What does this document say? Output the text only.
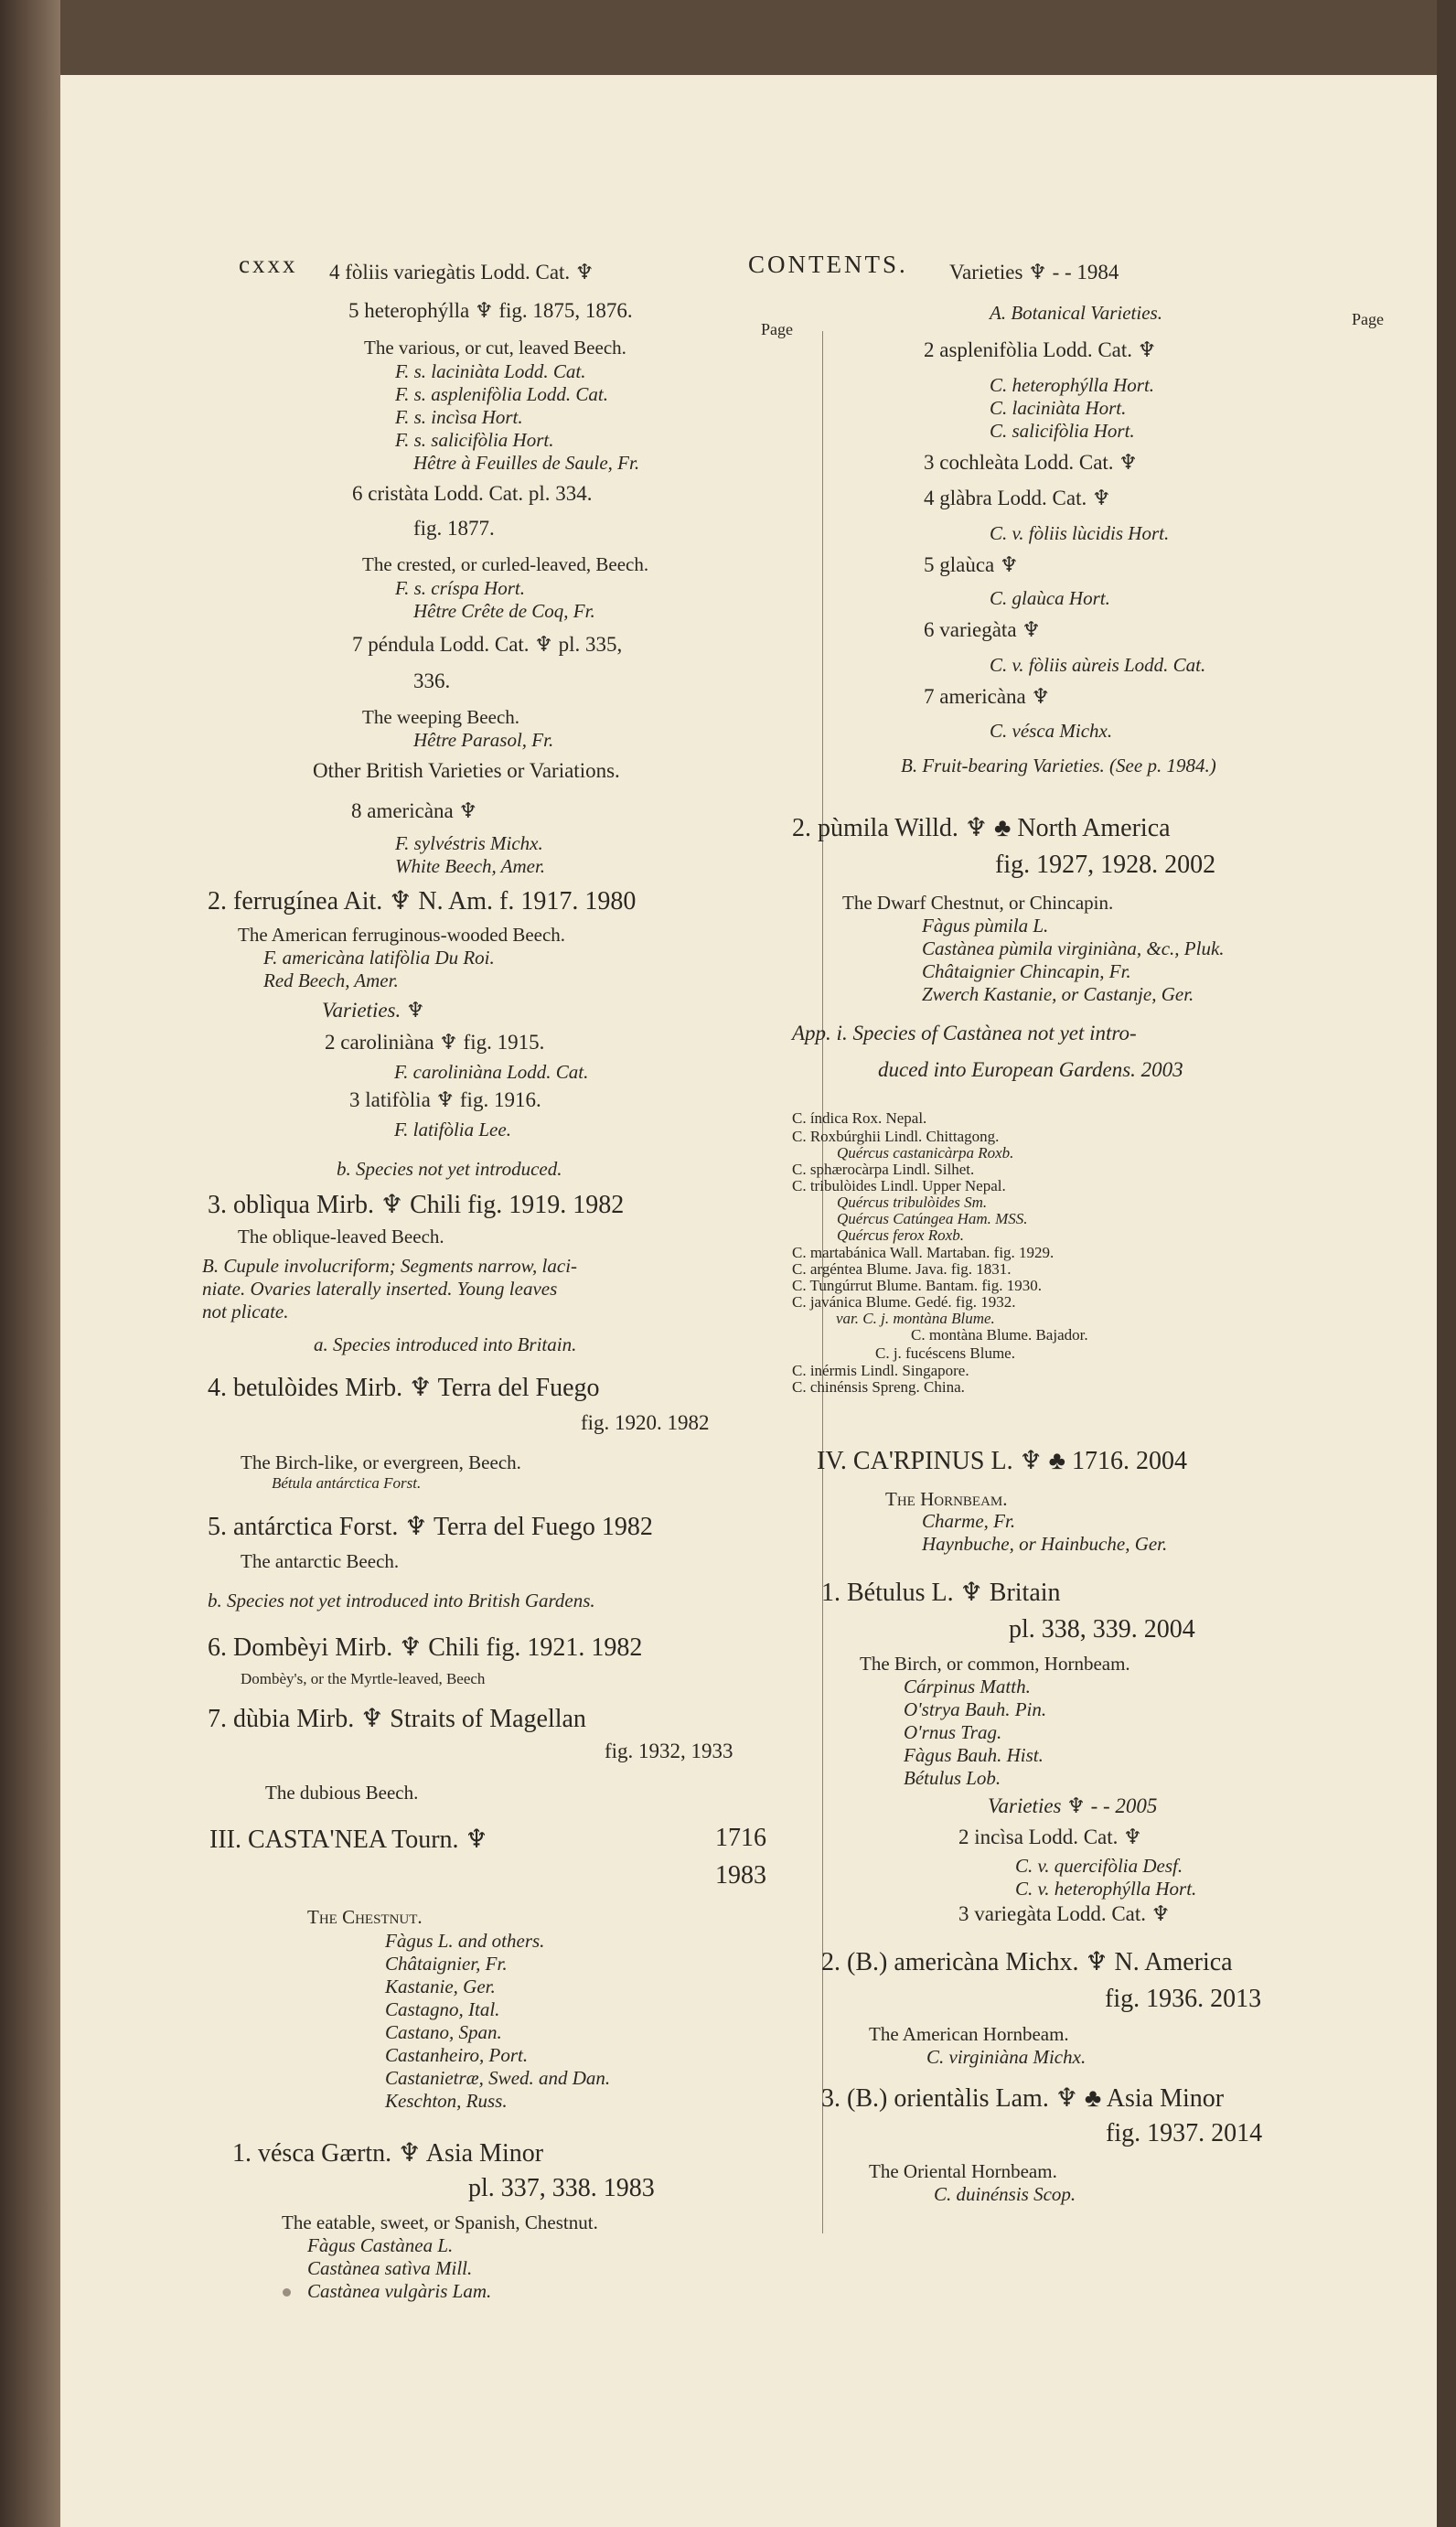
cxxx	CONTENTS.
4 fòliis variegàtis Lodd. Cat. ♆
5 heterophýlla ♆ fig. 1875, 1876.
The various, or cut, leaved Beech.
F. s. laciniàta Lodd. Cat.
F. s. asplenifòlia Lodd. Cat.
F. s. incìsa Hort.
F. s. salicifòlia Hort.
Hêtre à Feuilles de Saule, Fr.
6 cristàta Lodd. Cat. pl. 334.
fig. 1877.
The crested, or curled-leaved, Beech.
F. s. críspa Hort.
Hêtre Crête de Coq, Fr.
7 péndula Lodd. Cat. ♆ pl. 335,
336.
The weeping Beech.
Hêtre Parasol, Fr.
Other British Varieties or Variations.
8 americàna ♆
F. sylvéstris Michx.
White Beech, Amer.
2. ferrugínea Ait. ♆ N. Am. f. 1917. 1980
The American ferruginous-wooded Beech.
F. americàna latifòlia Du Roi.
Red Beech, Amer.
Varieties. ♆
2 caroliniàna ♆ fig. 1915.
F. caroliniàna Lodd. Cat.
3 latifòlia ♆ fig. 1916.
F. latifòlia Lee.
b. Species not yet introduced.
3. oblìqua Mirb. ♆ Chili fig. 1919. 1982
The oblique-leaved Beech.
B. Cupule involucriform; Segments narrow, laci-
niate. Ovaries laterally inserted. Young leaves
not plicate.
a. Species introduced into Britain.
4. betulòides Mirb. ♆ Terra del Fuego
fig. 1920. 1982
The Birch-like, or evergreen, Beech.
Bétula antárctica Forst.
5. antárctica Forst. ♆ Terra del Fuego 1982
The antarctic Beech.
b. Species not yet introduced into British Gardens.
6. Dombèyi Mirb. ♆ Chili fig. 1921. 1982
Dombèy's, or the Myrtle-leaved, Beech
7. dùbia Mirb. ♆ Straits of Magellan
fig. 1932, 1933
The dubious Beech.
III. CASTA'NEA Tourn. ♆	1716
1983
The Chestnut.
Fàgus L. and others.
Châtaignier, Fr.
Kastanie, Ger.
Castagno, Ital.
Castano, Span.
Castanheiro, Port.
Castanietræ, Swed. and Dan.
Keschton, Russ.
1. vésca Gærtn. ♆ Asia Minor
pl. 337, 338. 1983
The eatable, sweet, or Spanish, Chestnut.
Fàgus Castànea L.
Castànea satìva Mill.
Castànea vulgàris Lam.
Varieties ♆ - - 1984
A. Botanical Varieties.
2 asplenifòlia Lodd. Cat. ♆
C. heterophýlla Hort.
C. laciniàta Hort.
C. salicifòlia Hort.
3 cochleàta Lodd. Cat. ♆
4 glàbra Lodd. Cat. ♆
C. v. fòliis lùcidis Hort.
5 glaùca ♆
C. glaùca Hort.
6 variegàta ♆
C. v. fòliis aùreis Lodd. Cat.
7 americàna ♆
C. vésca Michx.
B. Fruit-bearing Varieties. (See p. 1984.)
2. pùmila Willd. ♆ ♣ North America
fig. 1927, 1928. 2002
The Dwarf Chestnut, or Chincapin.
Fàgus pùmila L.
Castànea pùmila virginiàna, &c., Pluk.
Châtaignier Chincapin, Fr.
Zwerch Kastanie, or Castanje, Ger.
App. i. Species of Castànea not yet intro-
duced into European Gardens. 2003
C. índica Rox. Nepal.
C. Roxbúrghii Lindl. Chittagong.
Quércus castanicàrpa Roxb.
C. sphærocàrpa Lindl. Silhet.
C. tribulòides Lindl. Upper Nepal.
Quércus tribulòides Sm.
Quércus Catúngea Ham. MSS.
Quércus ferox Roxb.
C. martabánica Wall. Martaban. fig. 1929.
C. argéntea Blume. Java. fig. 1831.
C. Tungúrrut Blume. Bantam. fig. 1930.
C. javánica Blume. Gedé. fig. 1932.
var. C. j. montàna Blume.
C. montàna Blume. Bajador.
C. j. fucéscens Blume.
C. inérmis Lindl. Singapore.
C. chinénsis Spreng. China.
IV. CA'RPINUS L. ♆ ♣ 1716. 2004
The Hornbeam.
Charme, Fr.
Haynbuche, or Hainbuche, Ger.
1. Bétulus L. ♆ Britain
pl. 338, 339. 2004
The Birch, or common, Hornbeam.
Cárpinus Matth.
O'strya Bauh. Pin.
O'rnus Trag.
Fàgus Bauh. Hist.
Bétulus Lob.
Varieties ♆ - - 2005
2 incìsa Lodd. Cat. ♆
C. v. quercifòlia Desf.
C. v. heterophýlla Hort.
3 variegàta Lodd. Cat. ♆
2. (B.) americàna Michx. ♆ N. America
fig. 1936. 2013
The American Hornbeam.
C. virginiàna Michx.
3. (B.) orientàlis Lam. ♆ ♣ Asia Minor
fig. 1937. 2014
The Oriental Hornbeam.
C. duinénsis Scop.
Page
Page
